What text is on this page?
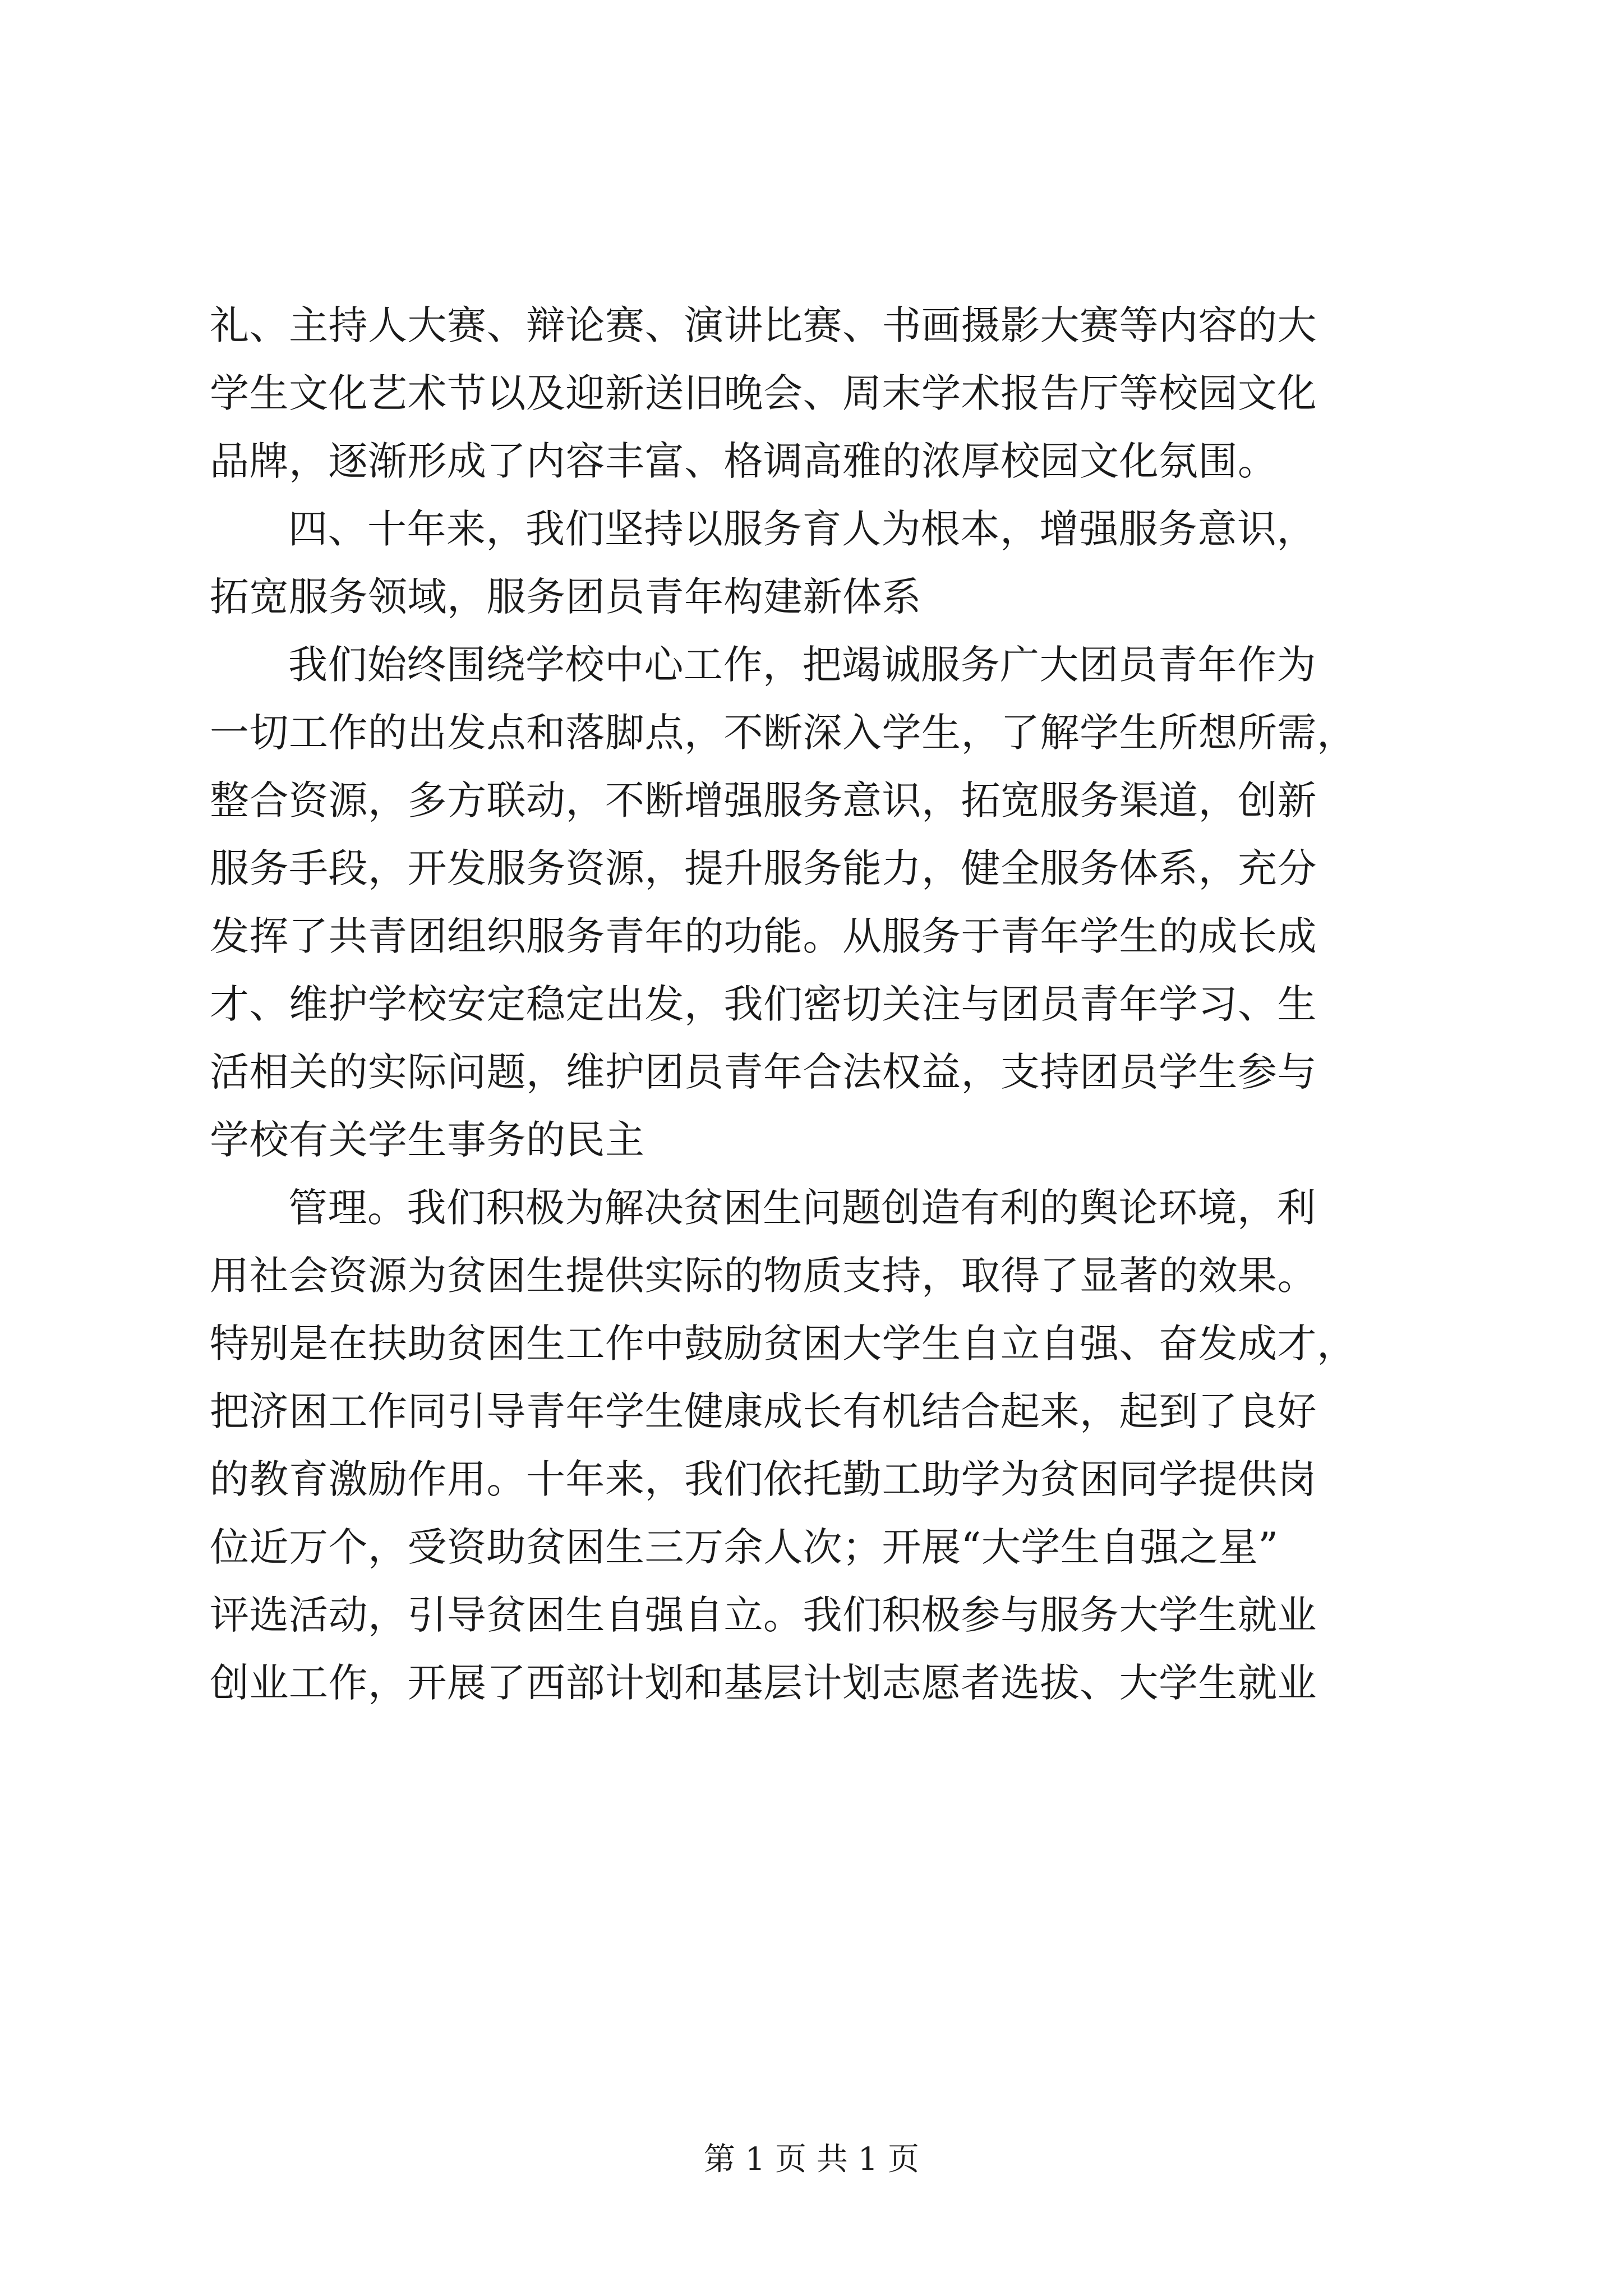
礼、主持人大赛、辩论赛、演讲比赛、书画摄影大赛等内容的大
学生文化艺术节以及迎新送旧晚会、周末学术报告厅等校园文化
品牌，逐渐形成了内容丰富、格调高雅的浓厚校园文化氛围。
四、十年来，我们坚持以服务育人为根本，增强服务意识，
拓宽服务领域，服务团员青年构建新体系
我们始终围绕学校中心工作，把竭诚服务广大团员青年作为
一切工作的出发点和落脚点，不断深入学生，了解学生所想所需，
整合资源，多方联动，不断增强服务意识，拓宽服务渠道，创新
服务手段，开发服务资源，提升服务能力，健全服务体系，充分
发挥了共青团组织服务青年的功能。从服务于青年学生的成长成
才、维护学校安定稳定出发，我们密切关注与团员青年学习、生
活相关的实际问题，维护团员青年合法权益，支持团员学生参与
学校有关学生事务的民主
管理。我们积极为解决贫困生问题创造有利的舆论环境，利
用社会资源为贫困生提供实际的物质支持，取得了显著的效果。
特别是在扶助贫困生工作中鼓励贫困大学生自立自强、奋发成才，
把济困工作同引导青年学生健康成长有机结合起来，起到了良好
的教育激励作用。十年来，我们依托勤工助学为贫困同学提供岗
位近万个，受资助贫困生三万余人次；开展“大学生自强之星”
评选活动，引导贫困生自强自立。我们积极参与服务大学生就业
创业工作，开展了西部计划和基层计划志愿者选拔、大学生就业
第 1 页 共 1 页
